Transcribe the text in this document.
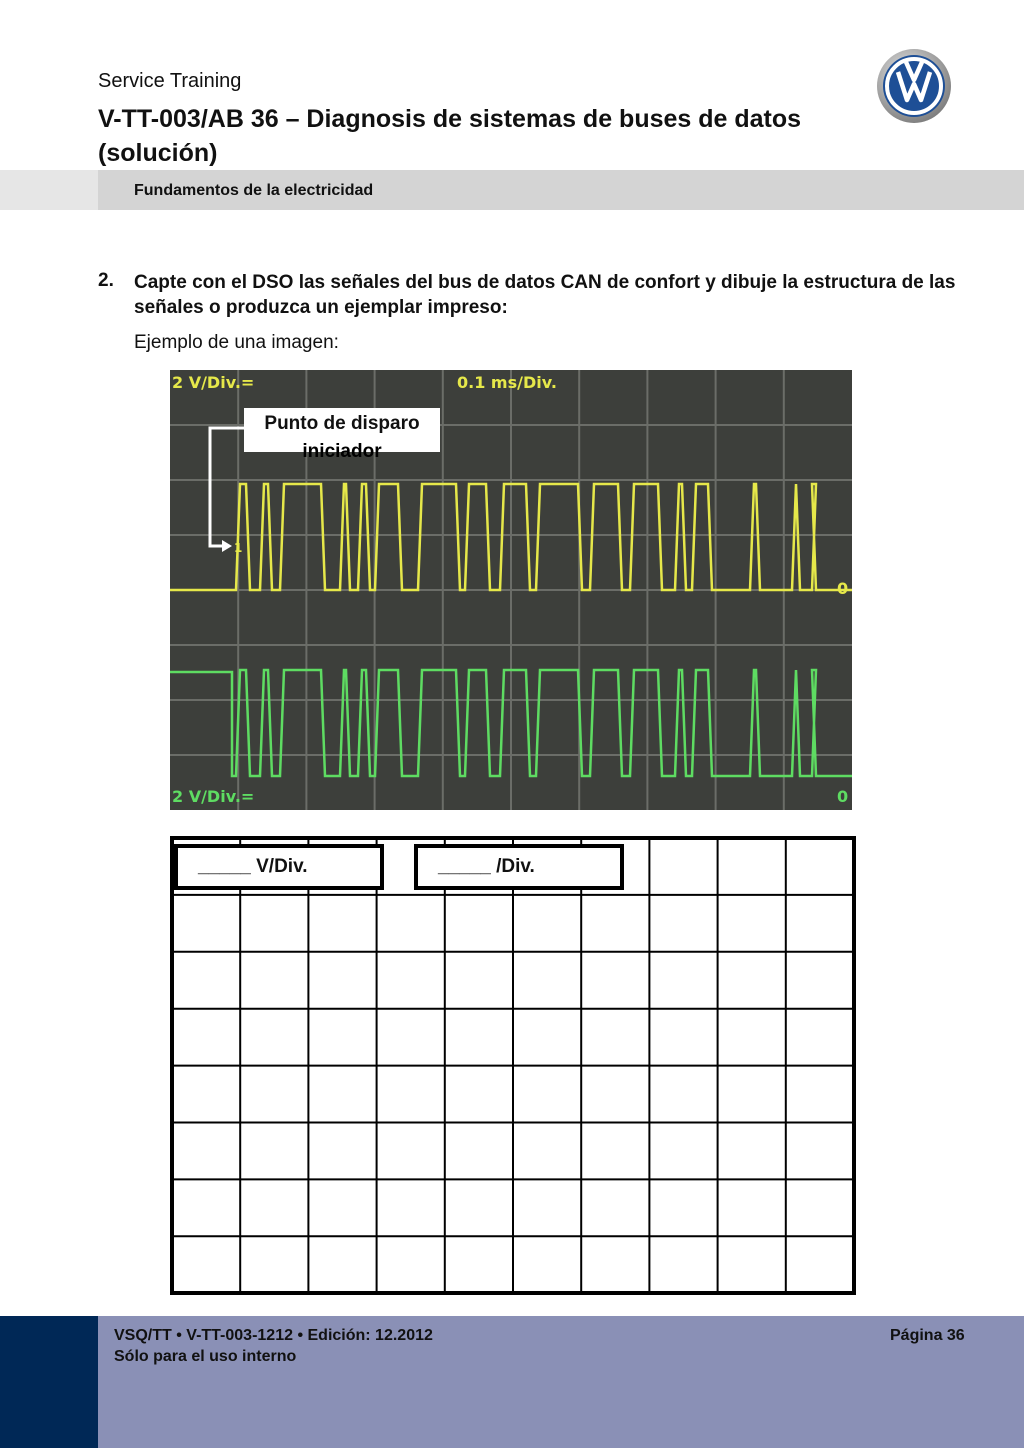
Service Training
V-TT-003/AB 36 – Diagnosis de sistemas de buses de datos (solución)
Fundamentos de la electricidad
2. Capte con el DSO las señales del bus de datos CAN de confort y dibuje la estructura de las señales o produzca un ejemplar impreso:
Ejemplo de una imagen:
2 V/Div.=	0.1 ms/Div.
2 V/Div.=
0
0
1
Punto de disparo
iniciador
_____ V/Div.	_____ /Div.
VSQ/TT • V-TT-003-1212 • Edición: 12.2012
Sólo para el uso interno
Página 36
